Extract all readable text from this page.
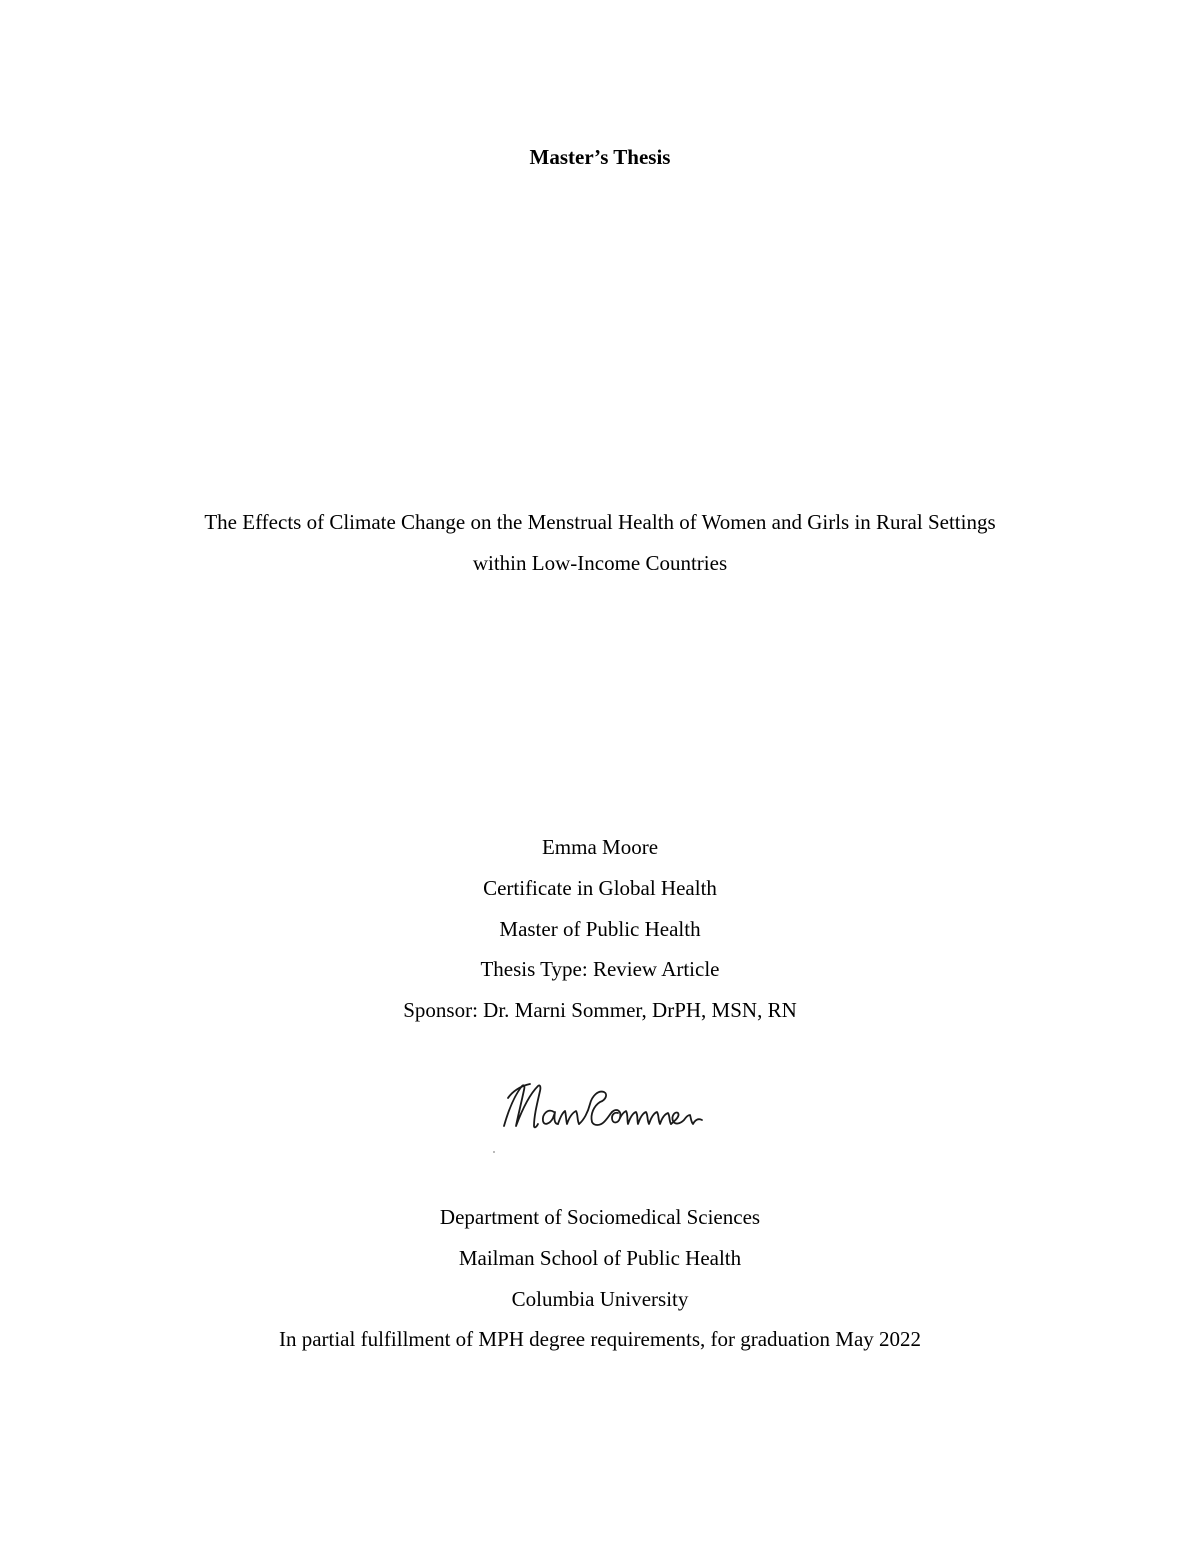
Master’s Thesis
The Effects of Climate Change on the Menstrual Health of Women and Girls in Rural Settings
within Low-Income Countries
Emma Moore
Certificate in Global Health
Master of Public Health
Thesis Type: Review Article
Sponsor: Dr. Marni Sommer, DrPH, MSN, RN
Department of Sociomedical Sciences
Mailman School of Public Health
Columbia University
In partial fulfillment of MPH degree requirements, for graduation May 2022
